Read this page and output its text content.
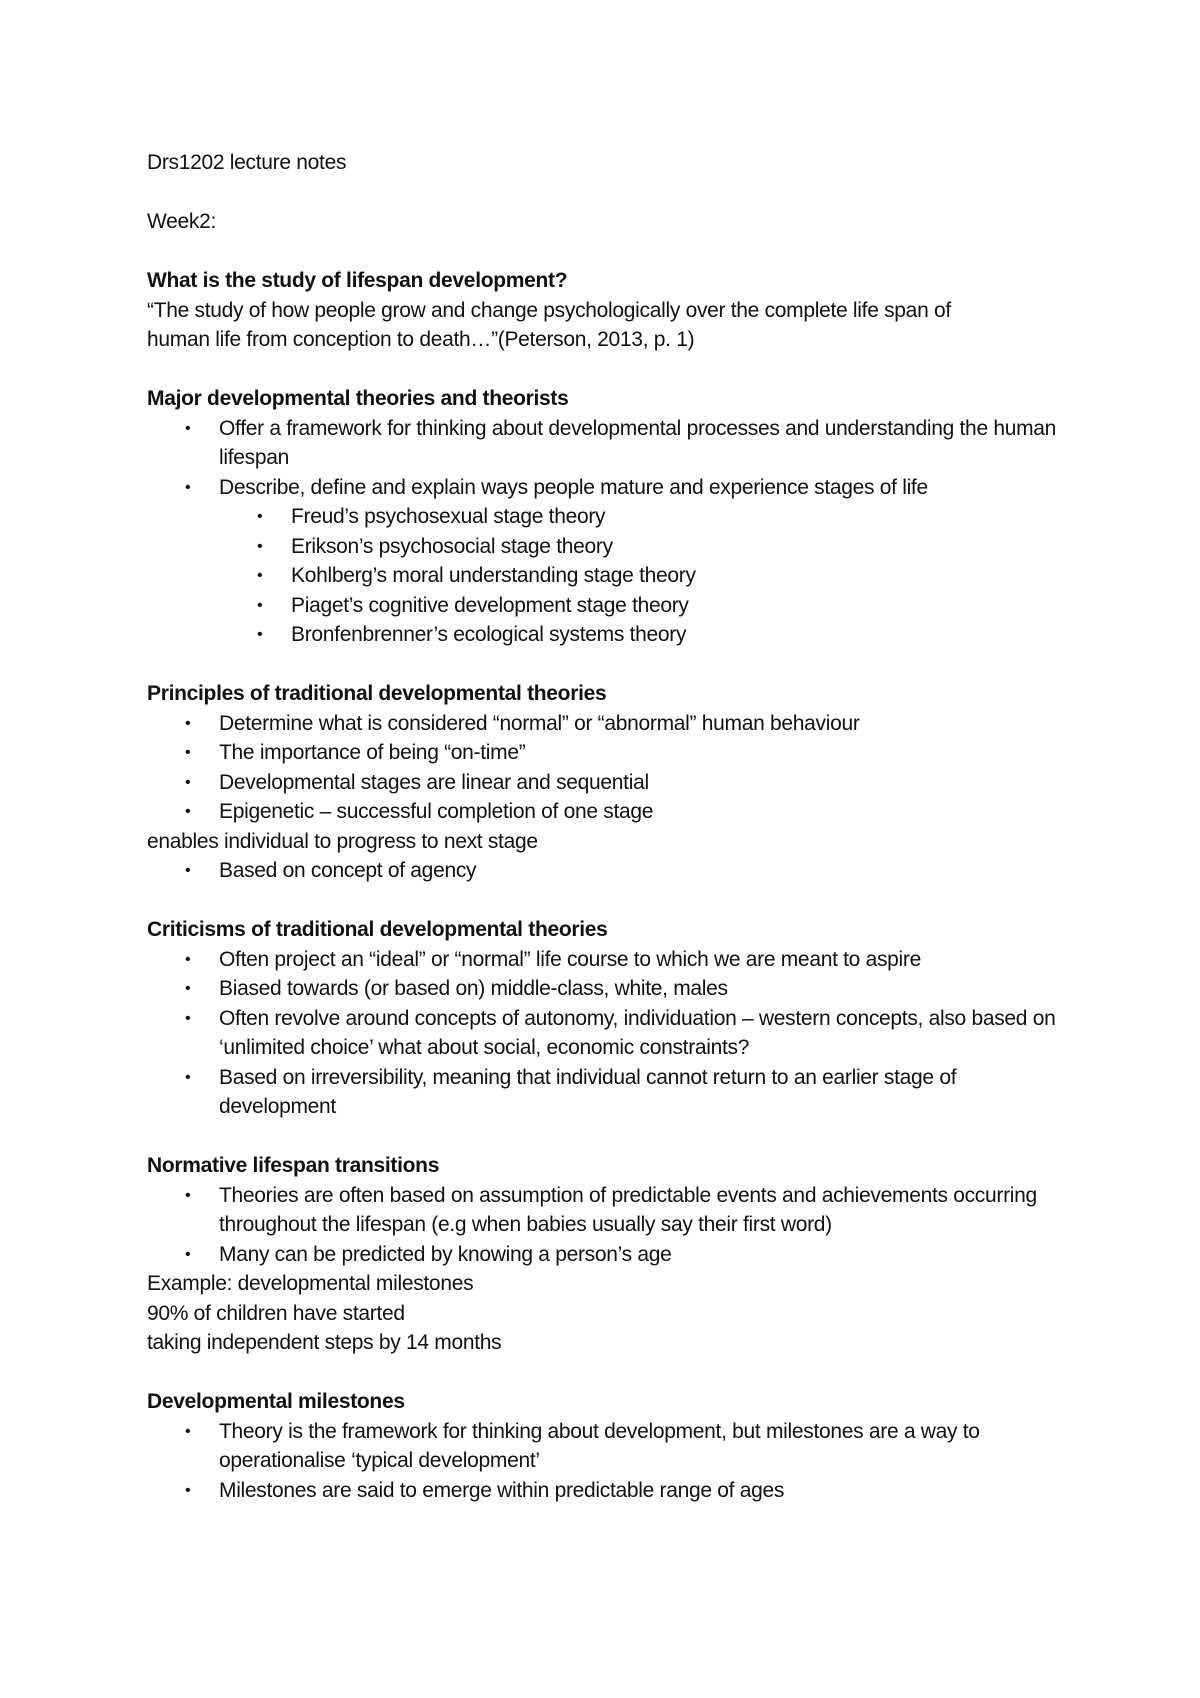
Drs1202 lecture notes

Week2:

What is the study of lifespan development?

“The study of how people grow and change psychologically over the complete life span of

human life from conception to death…”(Peterson, 2013, p. 1)

Major developmental theories and theorists

• Offer a framework for thinking about developmental processes and understanding the human lifespan
• Describe, define and explain ways people mature and experience stages of life
• Freud’s psychosexual stage theory
• Erikson’s psychosocial stage theory
• Kohlberg’s moral understanding stage theory
• Piaget’s cognitive development stage theory
• Bronfenbrenner’s ecological systems theory

Principles of traditional developmental theories

• Determine what is considered “normal” or “abnormal” human behaviour
• The importance of being “on-time”
• Developmental stages are linear and sequential
• Epigenetic – successful completion of one stage

enables individual to progress to next stage

• Based on concept of agency

Criticisms of traditional developmental theories

• Often project an “ideal” or “normal” life course to which we are meant to aspire
• Biased towards (or based on) middle-class, white, males
• Often revolve around concepts of autonomy, individuation – western concepts, also based on ‘unlimited choice’ what about social, economic constraints?
• Based on irreversibility, meaning that individual cannot return to an earlier stage of development

Normative lifespan transitions

• Theories are often based on assumption of predictable events and achievements occurring throughout the lifespan (e.g when babies usually say their first word)
• Many can be predicted by knowing a person’s age

Example: developmental milestones

90% of children have started

taking independent steps by 14 months

Developmental milestones

• Theory is the framework for thinking about development, but milestones are a way to operationalise ‘typical development’
• Milestones are said to emerge within predictable range of ages
